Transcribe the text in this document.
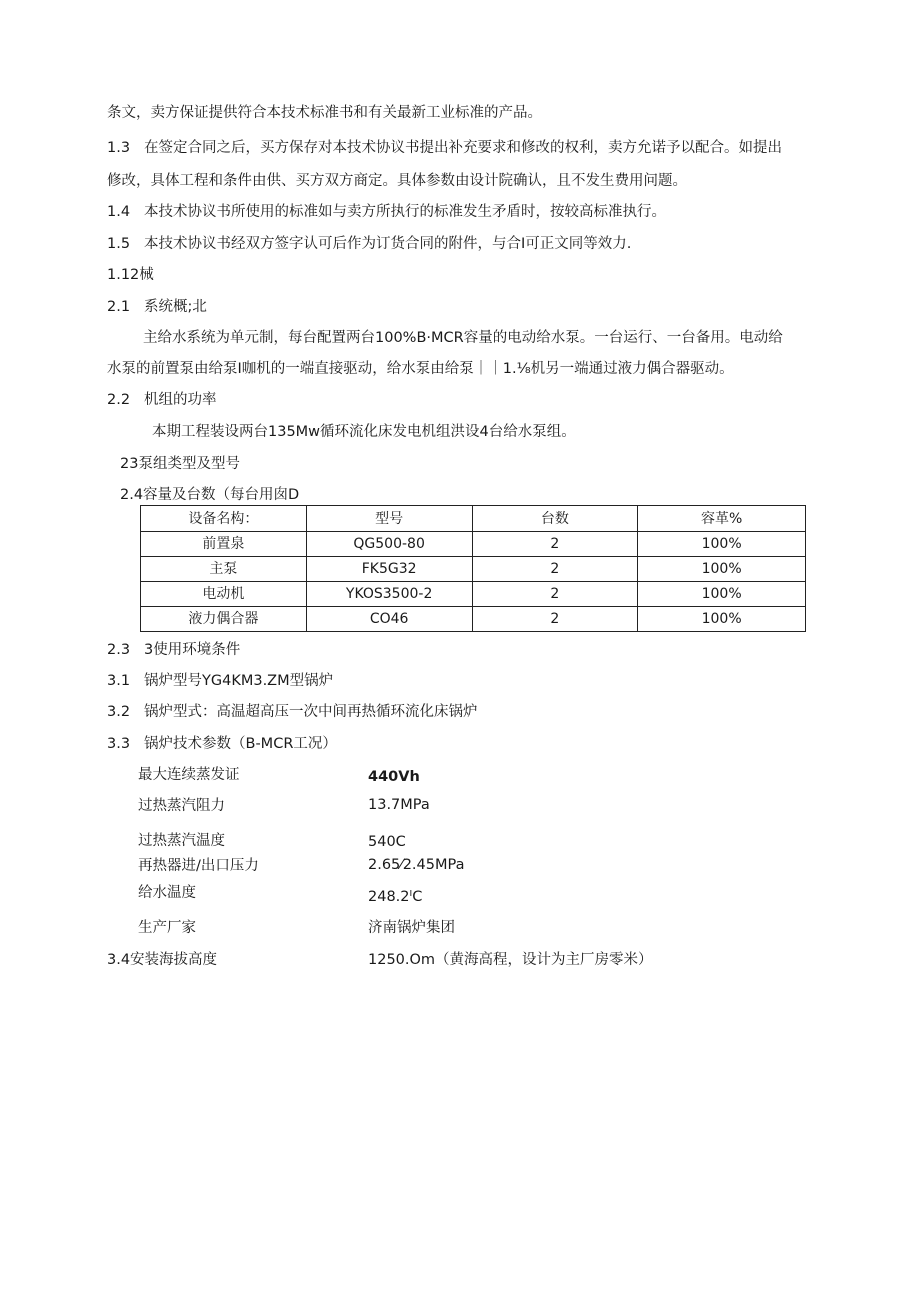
条文，卖方保证提供符合本技术标准书和有关最新工业标准的产品。
1.3 在签定合同之后，买方保存对本技术协议书提出补充要求和修改的权利，卖方允诺予以配合。如提出
修改，具体工程和条件由供、买方双方商定。具体参数由设计院确认，且不发生费用问题。
1.4 本技术协议书所使用的标准如与卖方所执行的标准发生矛盾时，按较高标准执行。
1.5 本技术协议书经双方签字认可后作为订货合同的附件，与合I可正文同等效力.
1.12械
2.1 系统概;北
主给水系统为单元制，每台配置两台100%B·MCR容量的电动给水泵。一台运行、一台备用。电动给
水泵的前置泵由给泵I咖机的一端直接驱动，给水泵由给泵｜｜1.⅛机另一端通过液力偶合器驱动。
2.2 机组的功率
本期工程装设两台135Mw循环流化床发电机组洪设4台给水泵组。
23泵组类型及型号
2.4容量及台数（每台用囱D
设备名构：	型号	台数	容革%
前置泉	QG500-80	2	100%
主泵	FK5G32	2	100%
电动机	YKOS3500-2	2	100%
液力偶合器	CO46	2	100%
2.3 3使用环境条件
3.1 锅炉型号YG4KM3.ZM型锅炉
3.2 锅炉型式：高温超高压一次中间再热循环流化床锅炉
3.3 锅炉技术参数（B-MCR工况）
最大连续蒸发证	440Vh
过热蒸汽阻力	13.7MPa
过热蒸汽温度	540C
再热器进/出口压力	2.65⁄2.45MPa
给水温度	248.2ᴵC
生产厂家	济南锅炉集团
3.4安装海拔高度	1250.Om（黄海高程，设计为主厂房零米）
